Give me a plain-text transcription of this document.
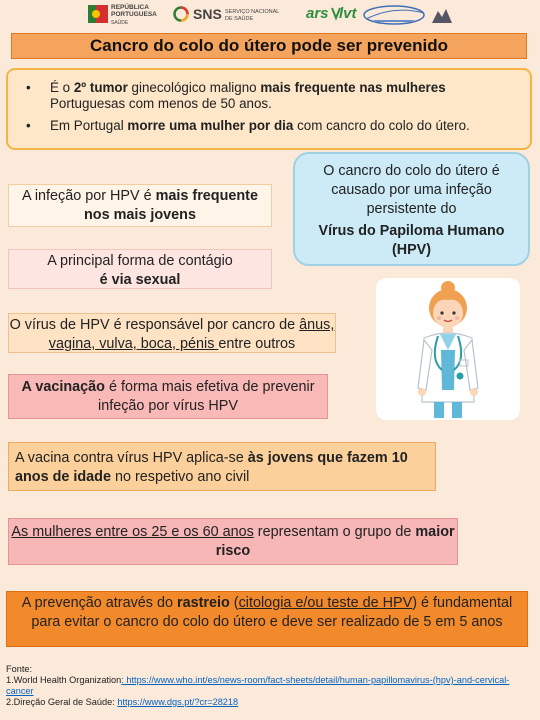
REPÚBLICA
PORTUGUESA
SAÚDE
SNS SERVIÇO NACIONAL
DE SAÚDE	ars lvt
Cancro do colo do útero pode ser prevenido
• É o 2º tumor ginecológico maligno mais frequente nas mulheres Portuguesas com menos de 50 anos.
• Em Portugal morre uma mulher por dia com cancro do colo do útero.
O cancro do colo do útero é causado por uma infeção persistente do
Vírus do Papiloma Humano (HPV)
A infeção por HPV é mais frequente nos mais jovens
A principal forma de contágio
é via sexual
O vírus de HPV é responsável por cancro de ânus, vagina, vulva, boca, pénis entre outros
A vacinação é forma mais efetiva de prevenir infeção por vírus HPV
A vacina contra vírus HPV aplica-se às jovens que fazem 10 anos de idade no respetivo ano civil
As mulheres entre os 25 e os 60 anos representam o grupo de maior risco
A prevenção através do rastreio (citologia e/ou teste de HPV) é fundamental para evitar o cancro do colo do útero e deve ser realizado de 5 em 5 anos
Fonte:
1.World Health Organization: https://www.who.int/es/news-room/fact-sheets/detail/human-papillomavirus-(hpv)-and-cervical-cancer
2.Direção Geral de Saúde: https://www.dgs.pt/?cr=28218
